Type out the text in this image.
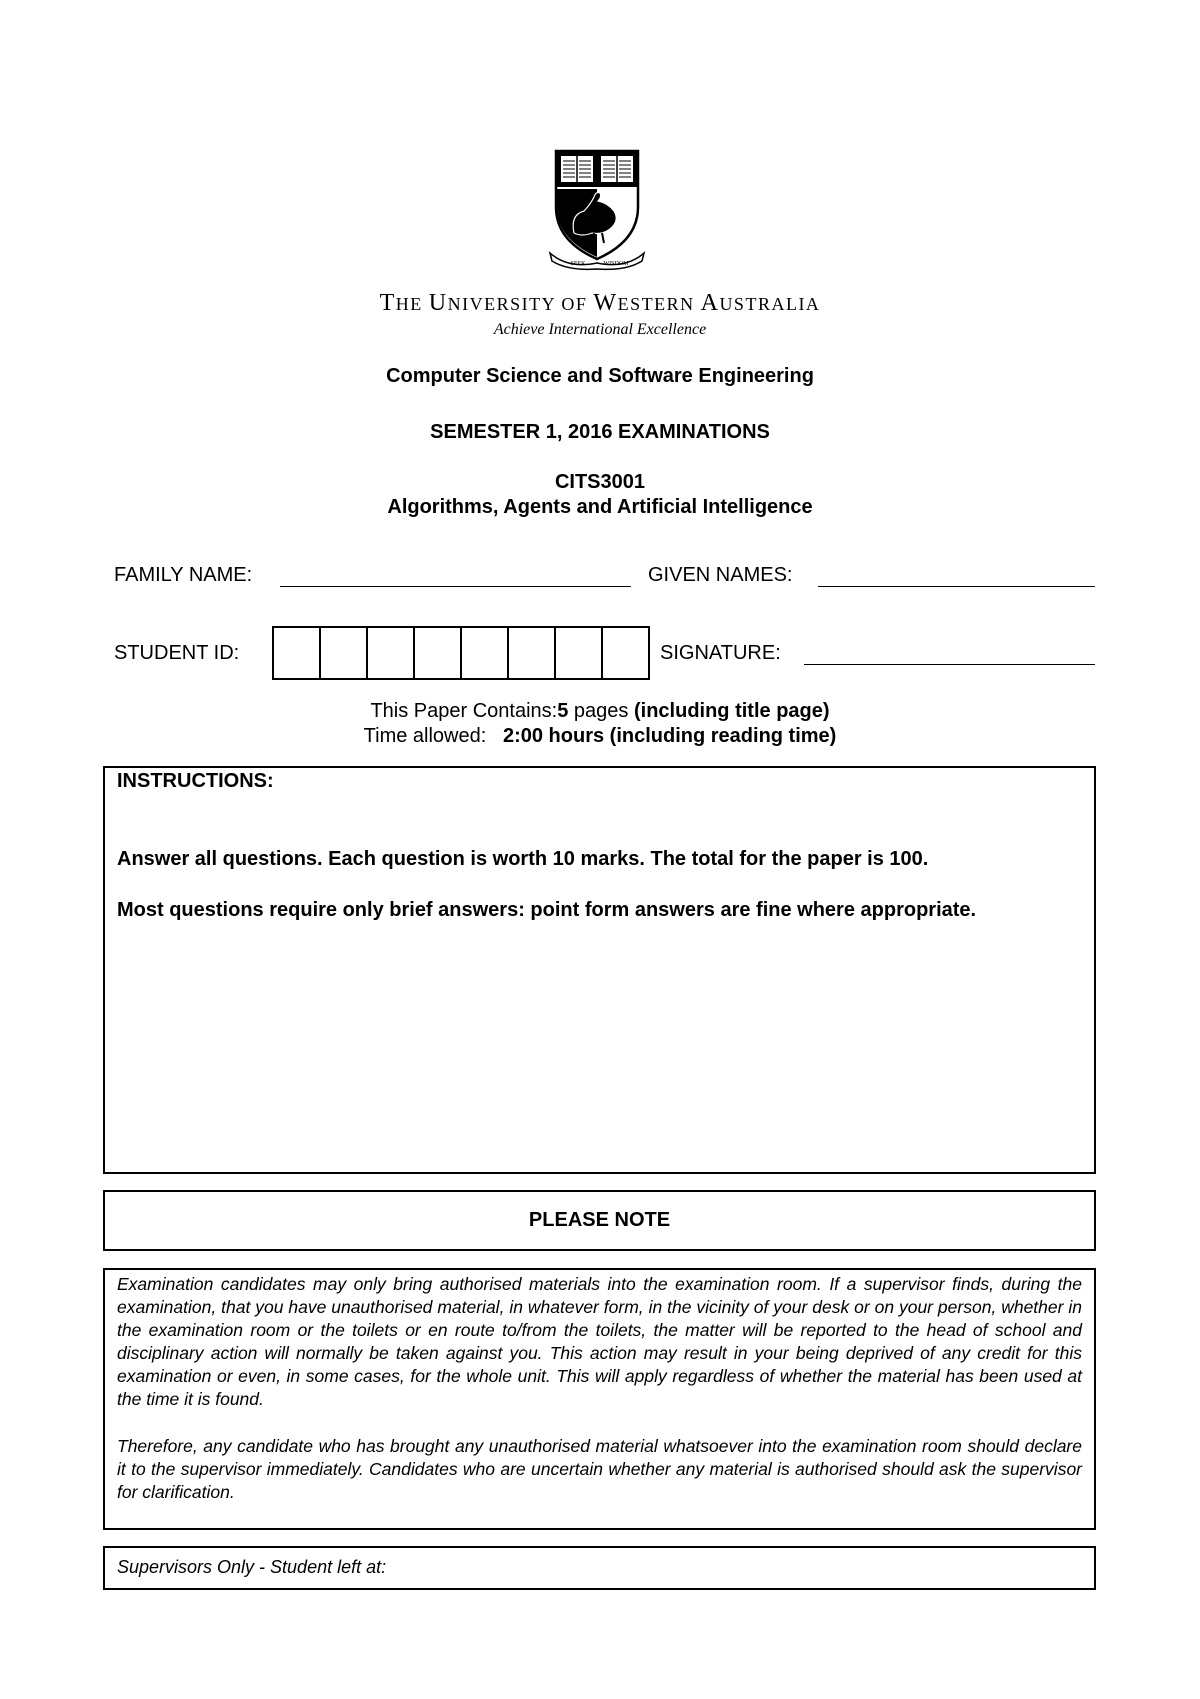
SEEK	WISDOM
THE UNIVERSITY OF WESTERN AUSTRALIA
Achieve International Excellence
Computer Science and Software Engineering
SEMESTER 1, 2016 EXAMINATIONS
CITS3001
Algorithms, Agents and Artificial Intelligence
FAMILY NAME:	GIVEN NAMES:
STUDENT ID:	SIGNATURE:
This Paper Contains:5 pages (including title page)
Time allowed: 2:00 hours (including reading time)
INSTRUCTIONS:
Answer all questions. Each question is worth 10 marks. The total for the paper is 100.
Most questions require only brief answers: point form answers are fine where appropriate.
PLEASE NOTE

Examination candidates may only bring authorised materials into the examination room. If a supervisor finds, during the examination, that you have unauthorised material, in whatever form, in the vicinity of your desk or on your person, whether in the examination room or the toilets or en route to/from the toilets, the matter will be reported to the head of school and disciplinary action will normally be taken against you. This action may result in your being deprived of any credit for this examination or even, in some cases, for the whole unit. This will apply regardless of whether the material has been used at the time it is found.

Therefore, any candidate who has brought any unauthorised material whatsoever into the examination room should declare it to the supervisor immediately. Candidates who are uncertain whether any material is authorised should ask the supervisor for clarification.

Supervisors Only - Student left at:
